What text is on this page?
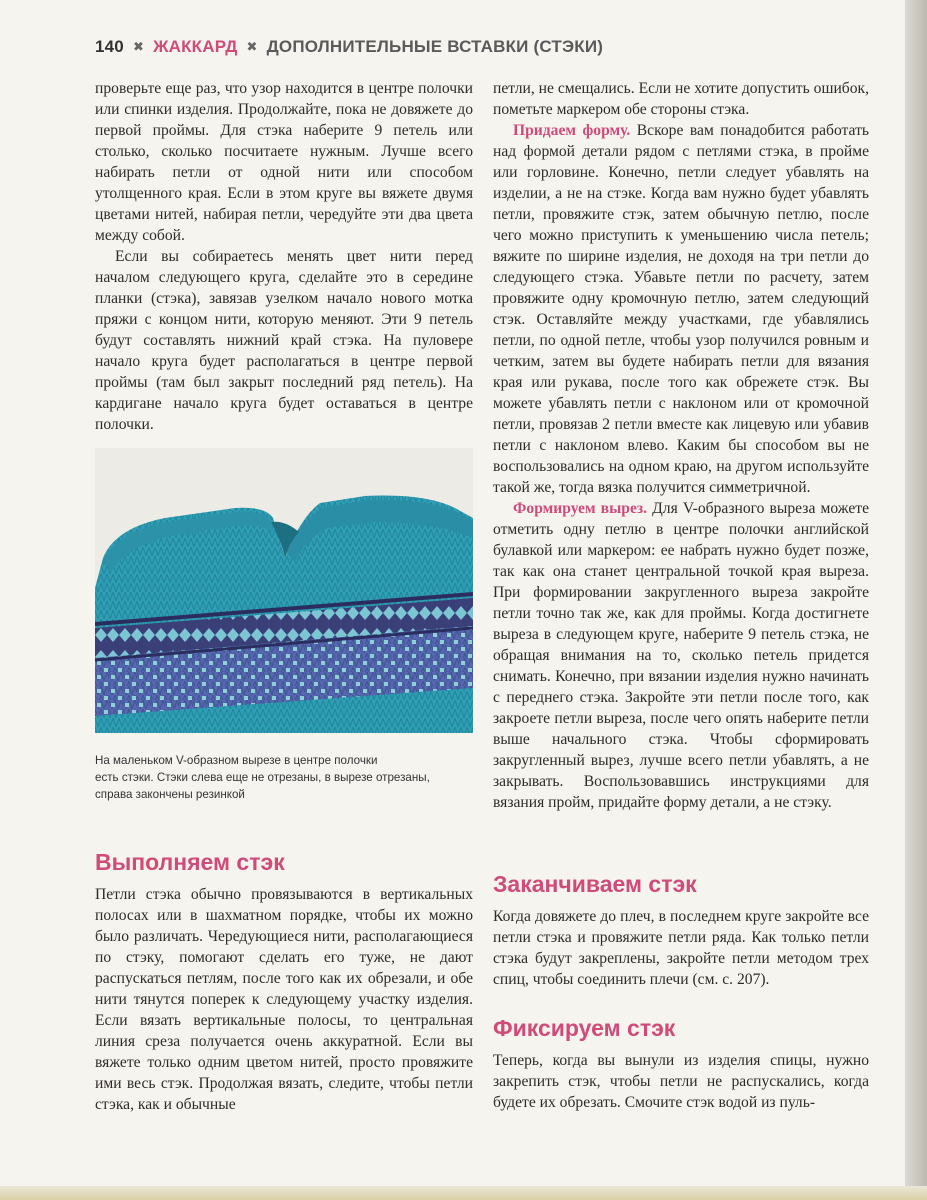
140 ✖ ЖАККАРД ✖ ДОПОЛНИТЕЛЬНЫЕ ВСТАВКИ (СТЭКИ)

проверьте еще раз, что узор находится в центре полочки или спинки изделия. Продолжайте, пока не довяжете до первой проймы. Для стэка наберите 9 петель или столько, сколько посчитаете нужным. Лучше всего набирать петли от одной нити или способом утолщенного края. Если в этом круге вы вяжете двумя цветами нитей, набирая петли, чередуйте эти два цвета между собой.

Если вы собираетесь менять цвет нити перед началом следующего круга, сделайте это в середине планки (стэка), завязав узелком начало нового мотка пряжи с концом нити, которую меняют. Эти 9 петель будут составлять нижний край стэка. На пуловере начало круга будет располагаться в центре первой проймы (там был закрыт последний ряд петель). На кардигане начало круга будет оставаться в центре полочки.

На маленьком V-образном вырезе в центре полочки

есть стэки. Стэки слева еще не отрезаны, в вырезе отрезаны,

справа закончены резинкой

Выполняем стэк

Петли стэка обычно провязываются в вертикальных полосах или в шахматном порядке, чтобы их можно было различать. Чередующиеся нити, располагающиеся по стэку, помогают сделать его туже, не дают распускаться петлям, после того как их обрезали, и обе нити тянутся поперек к следующему участку изделия. Если вязать вертикальные полосы, то центральная линия среза получается очень аккуратной. Если вы вяжете только одним цветом нитей, просто провяжите ими весь стэк. Продолжая вязать, следите, чтобы петли стэка, как и обычные

петли, не смещались. Если не хотите допустить ошибок, пометьте маркером обе стороны стэка.

Придаем форму. Вскоре вам понадобится работать над формой детали рядом с петлями стэка, в пройме или горловине. Конечно, петли следует убавлять на изделии, а не на стэке. Когда вам нужно будет убавлять петли, провяжите стэк, затем обычную петлю, после чего можно приступить к уменьшению числа петель; вяжите по ширине изделия, не доходя на три петли до следующего стэка. Убавьте петли по расчету, затем провяжите одну кромочную петлю, затем следующий стэк. Оставляйте между участками, где убавлялись петли, по одной петле, чтобы узор получился ровным и четким, затем вы будете набирать петли для вязания края или рукава, после того как обрежете стэк. Вы можете убавлять петли с наклоном или от кромочной петли, провязав 2 петли вместе как лицевую или убавив петли с наклоном влево. Каким бы способом вы не воспользовались на одном краю, на другом используйте такой же, тогда вязка получится симметричной.

Формируем вырез. Для V-образного выреза можете отметить одну петлю в центре полочки английской булавкой или маркером: ее набрать нужно будет позже, так как она станет центральной точкой края выреза. При формировании закругленного выреза закройте петли точно так же, как для проймы. Когда достигнете выреза в следующем круге, наберите 9 петель стэка, не обращая внимания на то, сколько петель придется снимать. Конечно, при вязании изделия нужно начинать с переднего стэка. Закройте эти петли после того, как закроете петли выреза, после чего опять наберите петли выше начального стэка. Чтобы сформировать закругленный вырез, лучше всего петли убавлять, а не закрывать. Воспользовавшись инструкциями для вязания пройм, придайте форму детали, а не стэку.

Заканчиваем стэк

Когда довяжете до плеч, в последнем круге закройте все петли стэка и провяжите петли ряда. Как только петли стэка будут закреплены, закройте петли методом трех спиц, чтобы соединить плечи (см. с. 207).

Фиксируем стэк

Теперь, когда вы вынули из изделия спицы, нужно закрепить стэк, чтобы петли не распускались, когда будете их обрезать. Смочите стэк водой из пуль-
